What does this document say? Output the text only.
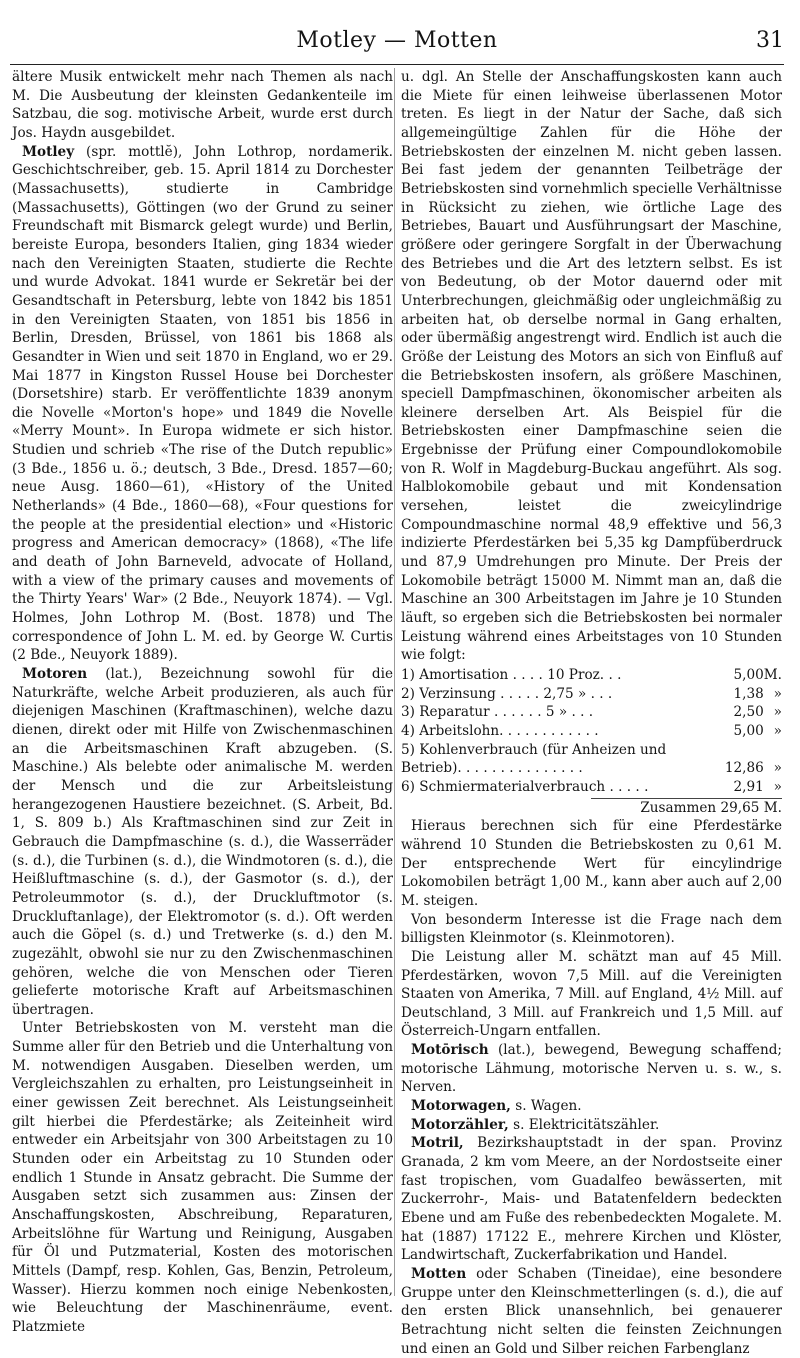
Motley — Motten	31

ältere Musik entwickelt mehr nach Themen als nach M. Die Ausbeutung der kleinsten Gedankenteile im Satzbau, die sog. motivische Arbeit, wurde erst durch Jos. Haydn ausgebildet.

Motley (spr. mottlĕ), John Lothrop, nordamerik. Geschichtschreiber, geb. 15. April 1814 zu Dorchester (Massachusetts), studierte in Cambridge (Massachusetts), Göttingen (wo der Grund zu seiner Freundschaft mit Bismarck gelegt wurde) und Berlin, bereiste Europa, besonders Italien, ging 1834 wieder nach den Vereinigten Staaten, studierte die Rechte und wurde Advokat. 1841 wurde er Sekretär bei der Gesandtschaft in Petersburg, lebte von 1842 bis 1851 in den Vereinigten Staaten, von 1851 bis 1856 in Berlin, Dresden, Brüssel, von 1861 bis 1868 als Gesandter in Wien und seit 1870 in England, wo er 29. Mai 1877 in Kingston Russel House bei Dorchester (Dorsetshire) starb. Er veröffentlichte 1839 anonym die Novelle «Morton's hope» und 1849 die Novelle «Merry Mount». In Europa widmete er sich histor. Studien und schrieb «The rise of the Dutch republic» (3 Bde., 1856 u. ö.; deutsch, 3 Bde., Dresd. 1857—60; neue Ausg. 1860—61), «History of the United Netherlands» (4 Bde., 1860—68), «Four questions for the people at the presidential election» und «Historic progress and American democracy» (1868), «The life and death of John Barneveld, advocate of Holland, with a view of the primary causes and movements of the Thirty Years' War» (2 Bde., Neuyork 1874). — Vgl. Holmes, John Lothrop M. (Bost. 1878) und The correspondence of John L. M. ed. by George W. Curtis (2 Bde., Neuyork 1889).

Motoren (lat.), Bezeichnung sowohl für die Naturkräfte, welche Arbeit produzieren, als auch für diejenigen Maschinen (Kraftmaschinen), welche dazu dienen, direkt oder mit Hilfe von Zwischenmaschinen an die Arbeitsmaschinen Kraft abzugeben. (S. Maschine.) Als belebte oder animalische M. werden der Mensch und die zur Arbeitsleistung herangezogenen Haustiere bezeichnet. (S. Arbeit, Bd. 1, S. 809 b.) Als Kraftmaschinen sind zur Zeit in Gebrauch die Dampfmaschine (s. d.), die Wasserräder (s. d.), die Turbinen (s. d.), die Windmotoren (s. d.), die Heißluftmaschine (s. d.), der Gasmotor (s. d.), der Petroleummotor (s. d.), der Druckluftmotor (s. Druckluftanlage), der Elektromotor (s. d.). Oft werden auch die Göpel (s. d.) und Tretwerke (s. d.) den M. zugezählt, obwohl sie nur zu den Zwischenmaschinen gehören, welche die von Menschen oder Tieren gelieferte motorische Kraft auf Arbeitsmaschinen übertragen.

Unter Betriebskosten von M. versteht man die Summe aller für den Betrieb und die Unterhaltung von M. notwendigen Ausgaben. Dieselben werden, um Vergleichszahlen zu erhalten, pro Leistungseinheit in einer gewissen Zeit berechnet. Als Leistungseinheit gilt hierbei die Pferdestärke; als Zeiteinheit wird entweder ein Arbeitsjahr von 300 Arbeitstagen zu 10 Stunden oder ein Arbeitstag zu 10 Stunden oder endlich 1 Stunde in Ansatz gebracht. Die Summe der Ausgaben setzt sich zusammen aus: Zinsen der Anschaffungskosten, Abschreibung, Reparaturen, Arbeitslöhne für Wartung und Reinigung, Ausgaben für Öl und Putzmaterial, Kosten des motorischen Mittels (Dampf, resp. Kohlen, Gas, Benzin, Petroleum, Wasser). Hierzu kommen noch einige Nebenkosten, wie Beleuchtung der Maschinenräume, event. Platzmiete

u. dgl. An Stelle der Anschaffungskosten kann auch die Miete für einen leihweise überlassenen Motor treten. Es liegt in der Natur der Sache, daß sich allgemeingültige Zahlen für die Höhe der Betriebskosten der einzelnen M. nicht geben lassen. Bei fast jedem der genannten Teilbeträge der Betriebskosten sind vornehmlich specielle Verhältnisse in Rücksicht zu ziehen, wie örtliche Lage des Betriebes, Bauart und Ausführungsart der Maschine, größere oder geringere Sorgfalt in der Überwachung des Betriebes und die Art des letztern selbst. Es ist von Bedeutung, ob der Motor dauernd oder mit Unterbrechungen, gleichmäßig oder ungleichmäßig zu arbeiten hat, ob derselbe normal in Gang erhalten, oder übermäßig angestrengt wird. Endlich ist auch die Größe der Leistung des Motors an sich von Einfluß auf die Betriebskosten insofern, als größere Maschinen, speciell Dampfmaschinen, ökonomischer arbeiten als kleinere derselben Art. Als Beispiel für die Betriebskosten einer Dampfmaschine seien die Ergebnisse der Prüfung einer Compoundlokomobile von R. Wolf in Magdeburg-Buckau angeführt. Als sog. Halblokomobile gebaut und mit Kondensation versehen, leistet die zweicylindrige Compoundmaschine normal 48,9 effektive und 56,3 indizierte Pferdestärken bei 5,35 kg Dampfüberdruck und 87,9 Umdrehungen pro Minute. Der Preis der Lokomobile beträgt 15000 M. Nimmt man an, daß die Maschine an 300 Arbeitstagen im Jahre je 10 Stunden läuft, so ergeben sich die Betriebskosten bei normaler Leistung während eines Arbeitstages von 10 Stunden wie folgt:

1) Amortisation . . . . 10 Proz. . .	5,00	M.
2) Verzinsung . . . . . 2,75 » . . .	1,38	»
3) Reparatur . . . . . . 5 » . . .	2,50	»
4) Arbeitslohn. . . . . . . . . . . .	5,00	»
5) Kohlenverbrauch (für Anheizen und		
Betrieb). . . . . . . . . . . . . . .	12,86	»
6) Schmiermaterialverbrauch . . . . .	2,91	»
Zusammen 29,65 M.

Hieraus berechnen sich für eine Pferdestärke während 10 Stunden die Betriebskosten zu 0,61 M. Der entsprechende Wert für eincylindrige Lokomobilen beträgt 1,00 M., kann aber auch auf 2,00 M. steigen.

Von besonderm Interesse ist die Frage nach dem billigsten Kleinmotor (s. Kleinmotoren).

Die Leistung aller M. schätzt man auf 45 Mill. Pferdestärken, wovon 7,5 Mill. auf die Vereinigten Staaten von Amerika, 7 Mill. auf England, 4½ Mill. auf Deutschland, 3 Mill. auf Frankreich und 1,5 Mill. auf Österreich-Ungarn entfallen.

Motōrisch (lat.), bewegend, Bewegung schaffend; motorische Lähmung, motorische Nerven u. s. w., s. Nerven.

Motorwagen, s. Wagen.

Motorzähler, s. Elektricitätszähler.

Motril, Bezirkshauptstadt in der span. Provinz Granada, 2 km vom Meere, an der Nordostseite einer fast tropischen, vom Guadalfeo bewässerten, mit Zuckerrohr-, Mais- und Batatenfeldern bedeckten Ebene und am Fuße des rebenbedeckten Mogalete. M. hat (1887) 17122 E., mehrere Kirchen und Klöster, Landwirtschaft, Zuckerfabrikation und Handel.

Motten oder Schaben (Tineidae), eine besondere Gruppe unter den Kleinschmetterlingen (s. d.), die auf den ersten Blick unansehnlich, bei genauerer Betrachtung nicht selten die feinsten Zeichnungen und einen an Gold und Silber reichen Farbenglanz
